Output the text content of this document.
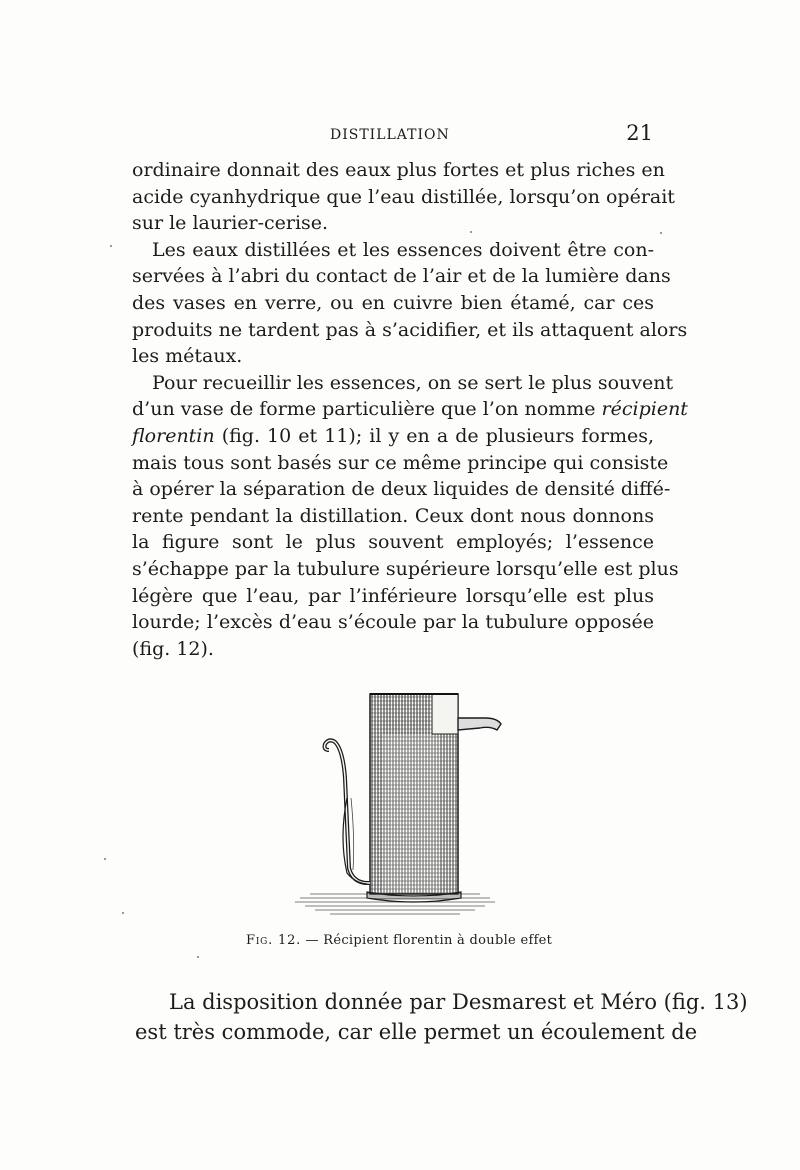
DISTILLATION	21
ordinaire donnait des eaux plus fortes et plus riches en
acide cyanhydrique que l’eau distillée, lorsqu’on opérait
sur le laurier-cerise.
Les eaux distillées et les essences doivent être con-
servées à l’abri du contact de l’air et de la lumière dans
des vases en verre, ou en cuivre bien étamé, car ces
produits ne tardent pas à s’acidifier, et ils attaquent alors
les métaux.
Pour recueillir les essences, on se sert le plus souvent
d’un vase de forme particulière que l’on nomme récipient
florentin (fig. 10 et 11); il y en a de plusieurs formes,
mais tous sont basés sur ce même principe qui consiste
à opérer la séparation de deux liquides de densité diffé-
rente pendant la distillation. Ceux dont nous donnons
la figure sont le plus souvent employés; l’essence
s’échappe par la tubulure supérieure lorsqu’elle est plus
légère que l’eau, par l’inférieure lorsqu’elle est plus
lourde; l’excès d’eau s’écoule par la tubulure opposée
(fig. 12).
Fig. 12. — Récipient florentin à double effet
La disposition donnée par Desmarest et Méro (fig. 13)
est très commode, car elle permet un écoulement de
